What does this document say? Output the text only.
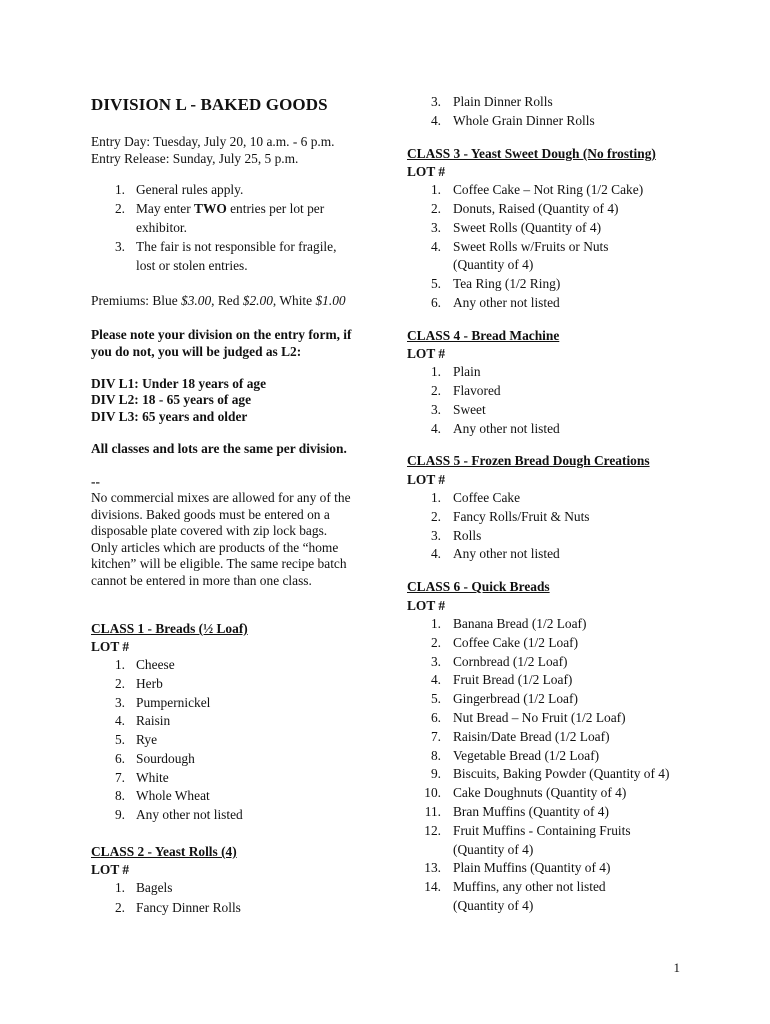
DIVISION L - BAKED GOODS
Entry Day: Tuesday, July 20, 10 a.m. - 6 p.m.
Entry Release: Sunday, July 25, 5 p.m.
1. General rules apply.
2. May enter TWO entries per lot per
exhibitor.
3. The fair is not responsible for fragile,
lost or stolen entries.
Premiums: Blue $3.00, Red $2.00, White $1.00
Please note your division on the entry form, if
you do not, you will be judged as L2:
DIV L1: Under 18 years of age
DIV L2: 18 - 65 years of age
DIV L3: 65 years and older
All classes and lots are the same per division.
--
No commercial mixes are allowed for any of the
divisions. Baked goods must be entered on a
disposable plate covered with zip lock bags.
Only articles which are products of the “home
kitchen” will be eligible. The same recipe batch
cannot be entered in more than one class.
CLASS 1 - Breads (½ Loaf)
LOT #
1. Cheese
2. Herb
3. Pumpernickel
4. Raisin
5. Rye
6. Sourdough
7. White
8. Whole Wheat
9. Any other not listed
CLASS 2 - Yeast Rolls (4)
LOT #
1. Bagels
2. Fancy Dinner Rolls
3. Plain Dinner Rolls
4. Whole Grain Dinner Rolls
CLASS 3 - Yeast Sweet Dough (No frosting)
LOT #
1. Coffee Cake – Not Ring (1/2 Cake)
2. Donuts, Raised (Quantity of 4)
3. Sweet Rolls (Quantity of 4)
4. Sweet Rolls w/Fruits or Nuts
(Quantity of 4)
5. Tea Ring (1/2 Ring)
6. Any other not listed
CLASS 4 - Bread Machine
LOT #
1. Plain
2. Flavored
3. Sweet
4. Any other not listed
CLASS 5 - Frozen Bread Dough Creations
LOT #
1. Coffee Cake
2. Fancy Rolls/Fruit & Nuts
3. Rolls
4. Any other not listed
CLASS 6 - Quick Breads
LOT #
1. Banana Bread (1/2 Loaf)
2. Coffee Cake (1/2 Loaf)
3. Cornbread (1/2 Loaf)
4. Fruit Bread (1/2 Loaf)
5. Gingerbread (1/2 Loaf)
6. Nut Bread – No Fruit (1/2 Loaf)
7. Raisin/Date Bread (1/2 Loaf)
8. Vegetable Bread (1/2 Loaf)
9. Biscuits, Baking Powder (Quantity of 4)
10. Cake Doughnuts (Quantity of 4)
11. Bran Muffins (Quantity of 4)
12. Fruit Muffins - Containing Fruits
(Quantity of 4)
13. Plain Muffins (Quantity of 4)
14. Muffins, any other not listed
(Quantity of 4)
1
